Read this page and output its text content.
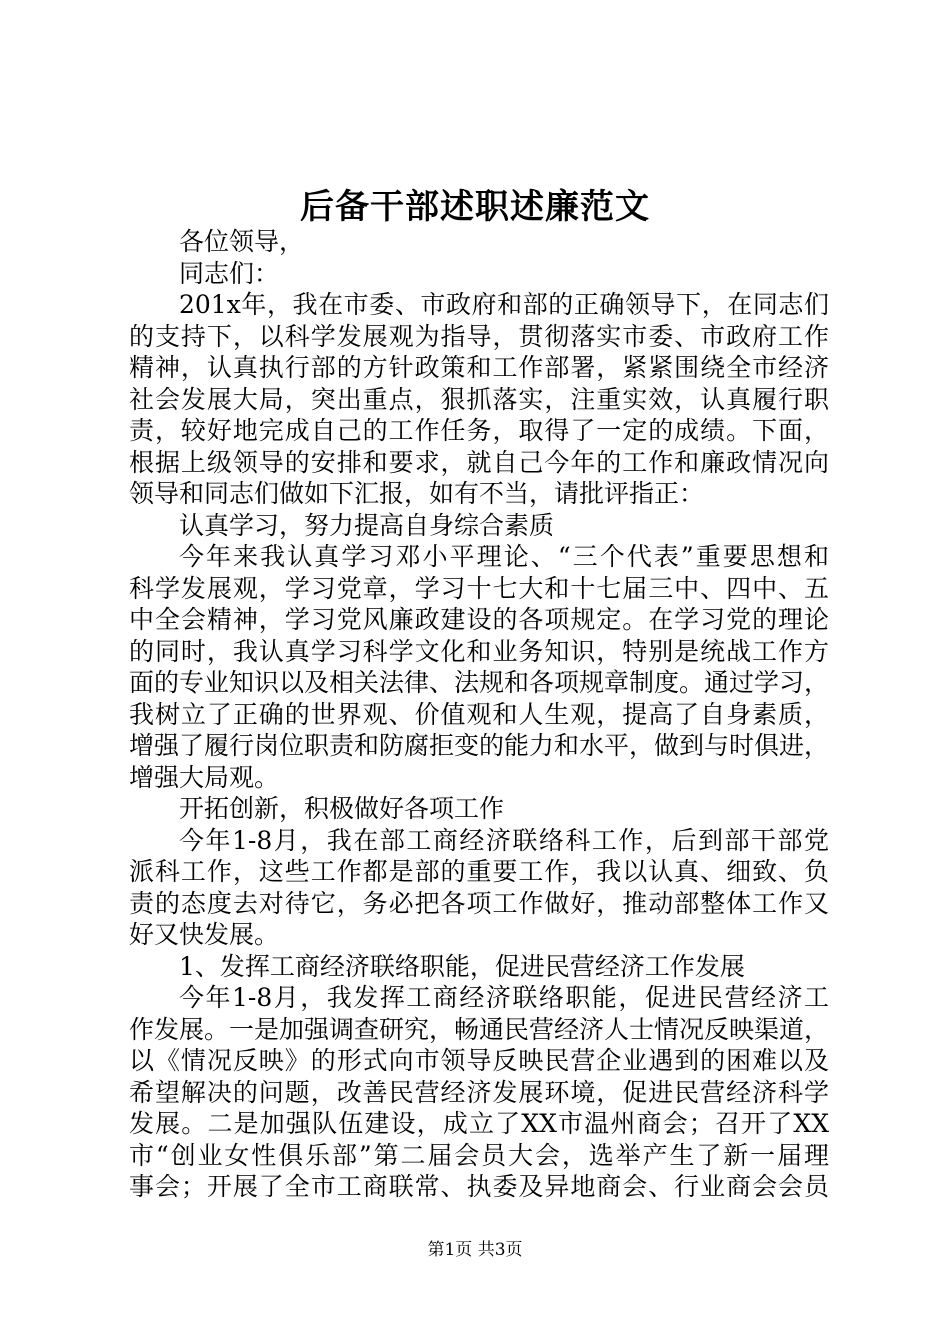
后备干部述职述廉范文
各位领导，
同志们：
201x年，我在市委、市政府和部的正确领导下，在同志们
的支持下，以科学发展观为指导，贯彻落实市委、市政府工作
精神，认真执行部的方针政策和工作部署，紧紧围绕全市经济
社会发展大局，突出重点，狠抓落实，注重实效，认真履行职
责，较好地完成自己的工作任务，取得了一定的成绩。下面，
根据上级领导的安排和要求，就自己今年的工作和廉政情况向
领导和同志们做如下汇报，如有不当，请批评指正：
认真学习，努力提高自身综合素质
今年来我认真学习邓小平理论、“三个代表”重要思想和
科学发展观，学习党章，学习十七大和十七届三中、四中、五
中全会精神，学习党风廉政建设的各项规定。在学习党的理论
的同时，我认真学习科学文化和业务知识，特别是统战工作方
面的专业知识以及相关法律、法规和各项规章制度。通过学习，
我树立了正确的世界观、价值观和人生观，提高了自身素质，
增强了履行岗位职责和防腐拒变的能力和水平，做到与时俱进，
增强大局观。
开拓创新，积极做好各项工作
今年1-8月，我在部工商经济联络科工作，后到部干部党
派科工作，这些工作都是部的重要工作，我以认真、细致、负
责的态度去对待它，务必把各项工作做好，推动部整体工作又
好又快发展。
1、发挥工商经济联络职能，促进民营经济工作发展
今年1-8月，我发挥工商经济联络职能，促进民营经济工
作发展。一是加强调查研究，畅通民营经济人士情况反映渠道，
以《情况反映》的形式向市领导反映民营企业遇到的困难以及
希望解决的问题，改善民营经济发展环境，促进民营经济科学
发展。二是加强队伍建设，成立了XX市温州商会；召开了XX
市“创业女性俱乐部”第二届会员大会，选举产生了新一届理
事会；开展了全市工商联常、执委及异地商会、行业商会会员
第1页 共3页
